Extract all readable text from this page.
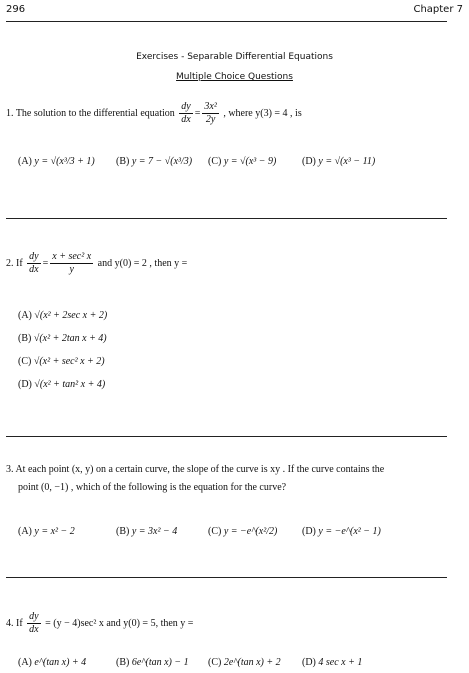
296	Chapter 7
Exercises - Separable Differential Equations
Multiple Choice Questions
1. The solution to the differential equation $\frac{dy}{dx} = \frac{\text{3x²}}{2y}$ , where y(3) = 4 , is
(A) y = √(x³/3 + 1) (B) y = 7 − √(x³/3) (C) y = √(x³ − 9)	(D) y = √(x³ − 11)
2. If $\frac{dy}{dx} = \frac{\text{x + sec² x}}{y}$ and y(0) = 2 , then y =
(A) √(x² + 2sec x + 2)
(B) √(x² + 2tan x + 4)
(C) √(x² + sec² x + 2)
(D) √(x² + tan² x + 4)
3. At each point (x, y) on a certain curve, the slope of the curve is xy . If the curve contains the
point (0, −1) , which of the following is the equation for the curve?
(A) y = x² − 2	(B) y = 3x² − 4	(C) y = −e^(x²/2) (D) y = −e^(x² − 1)
4. If $\frac{dy}{dx} = (y - 4)\sec^2$ x and y(0) = 5, then y =
(A) e^(tan x) + 4	(B) 6e^(tan x) − 1 (C) 2e^(tan x) + 2 (D) 4 sec x + 1
